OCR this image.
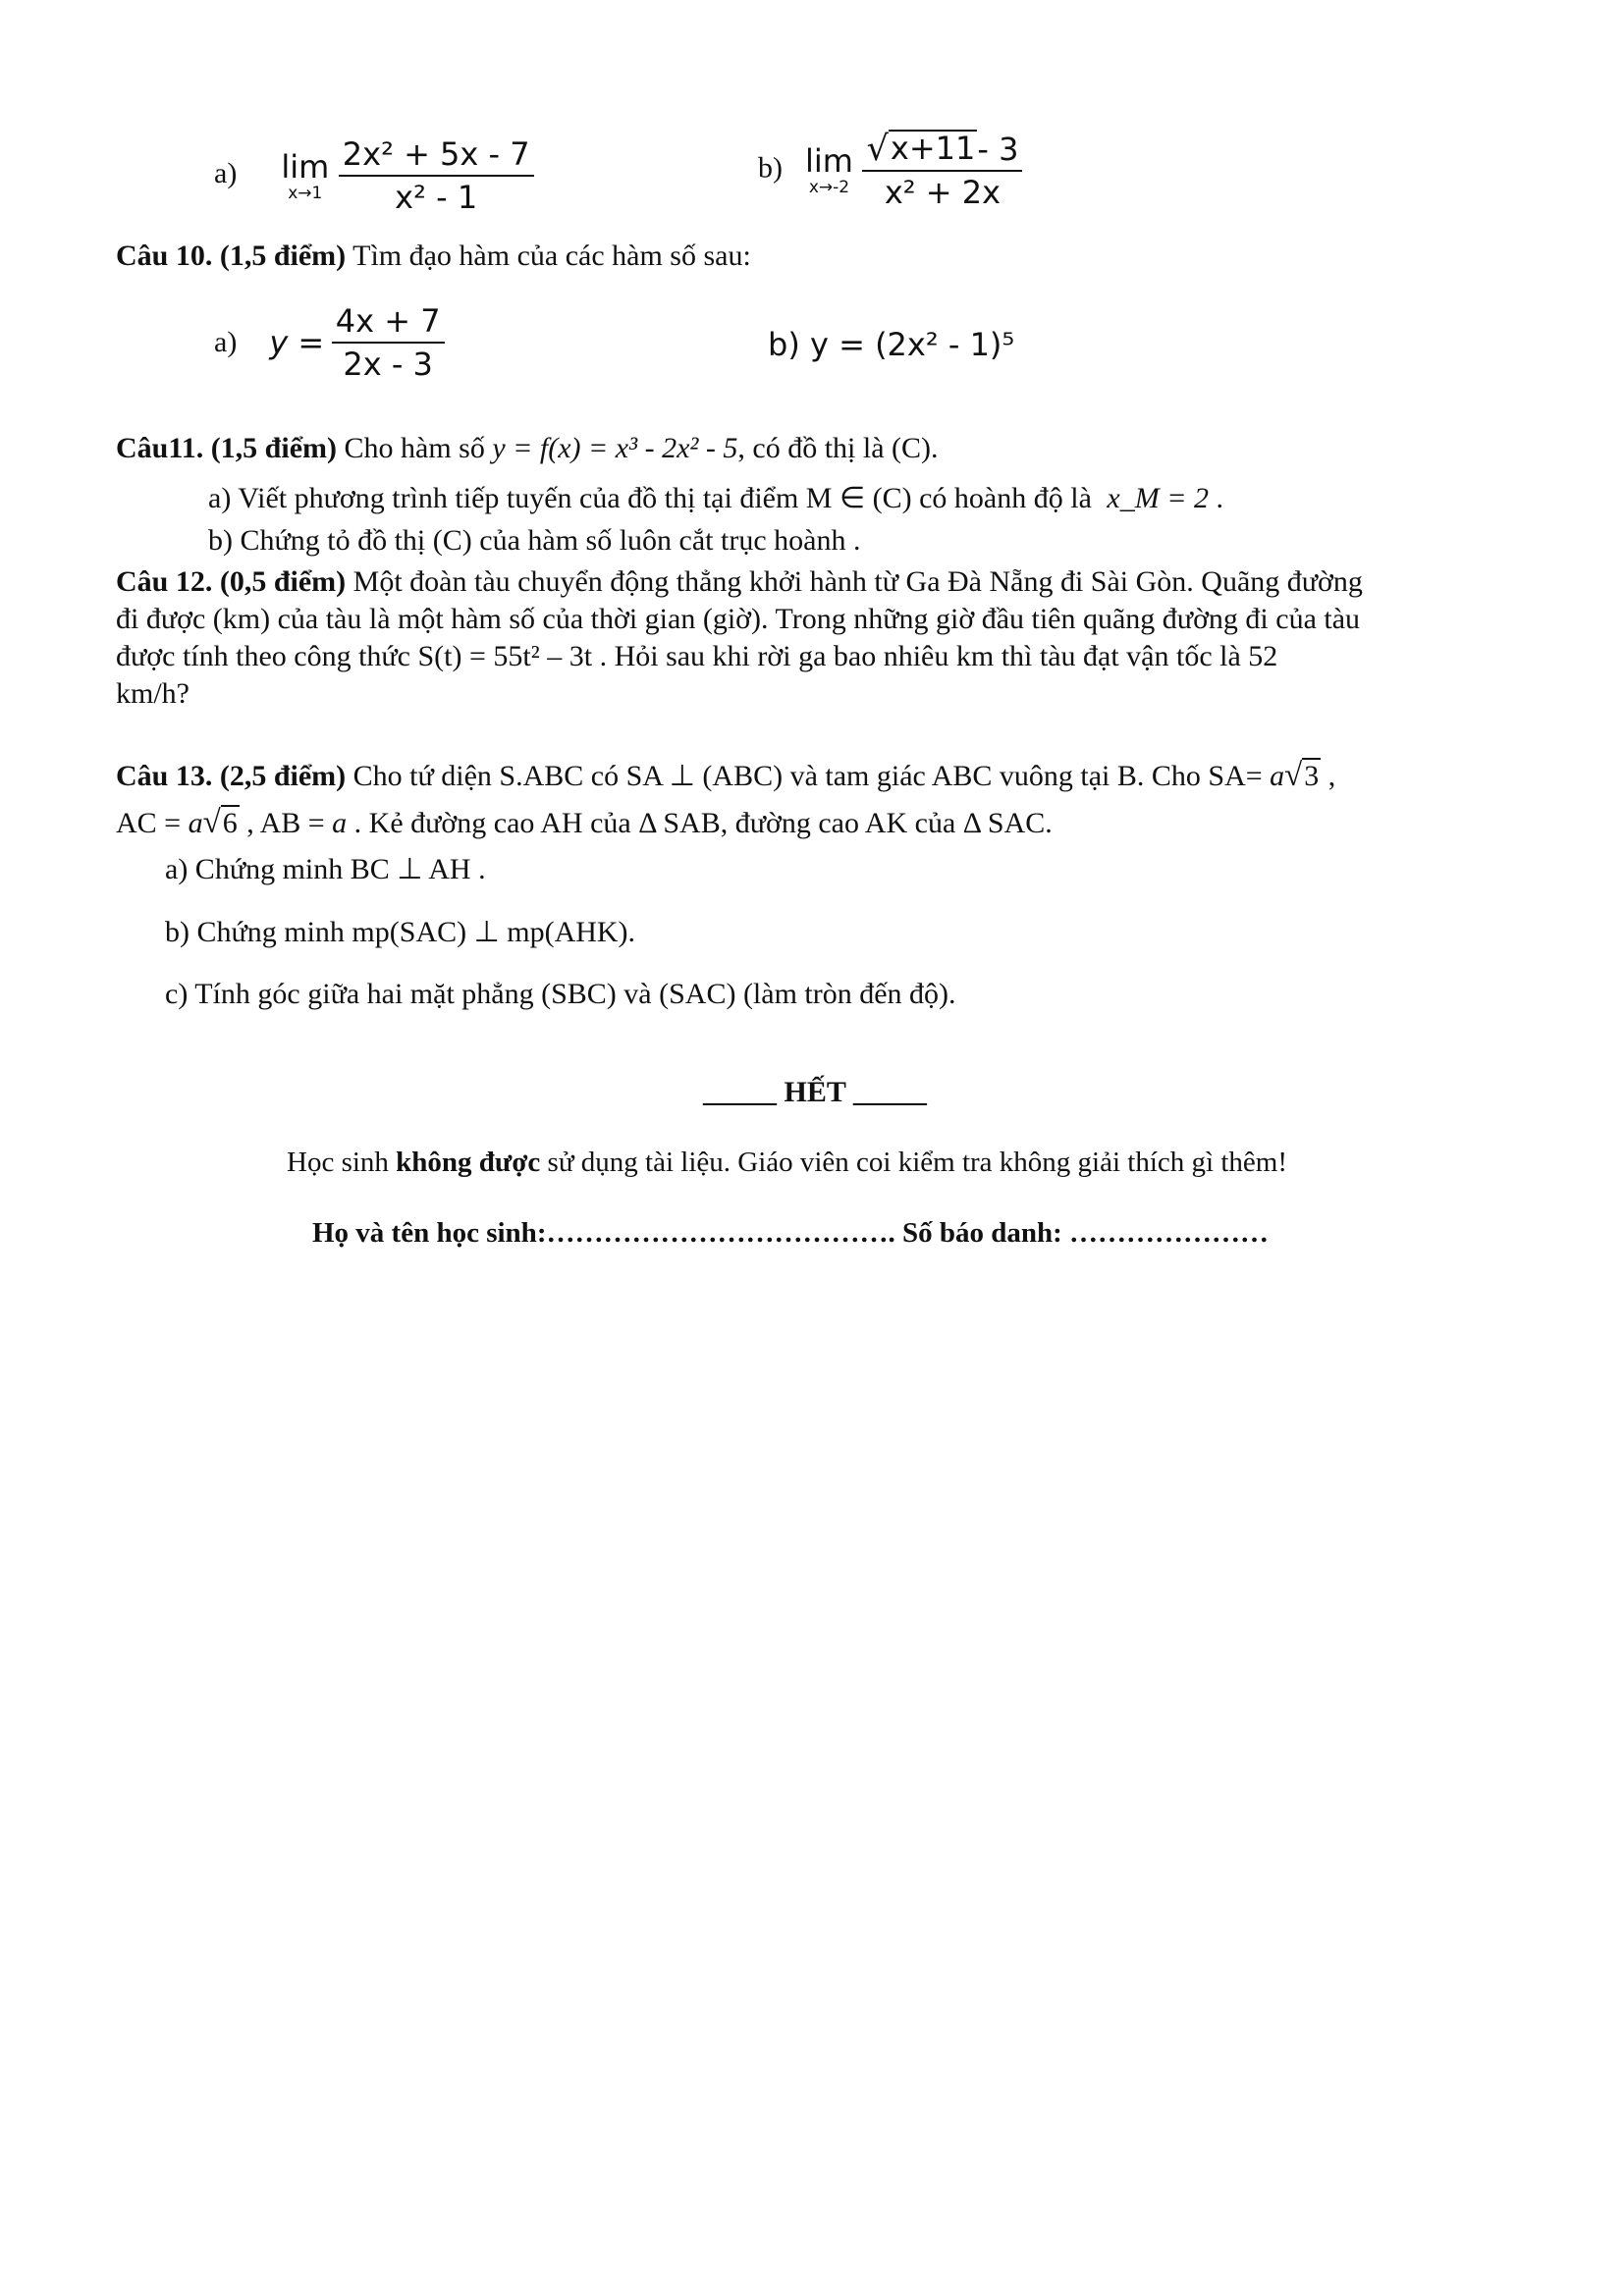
a) lim
x→1
$\frac{\text{2x² + 5x - 7}}{\text{x² - 1}}$	b) lim
x→-2
$\frac{√ x+11 - 3}{\text{x² + 2x}}$
Câu 10. (1,5 điểm) Tìm đạo hàm của các hàm số sau:
a) $y = \frac{4x + 7}{2x - 3}$	b) y = (2x² - 1)⁵
Câu11. (1,5 điểm) Cho hàm số y = f(x) = x³ - 2x² - 5, có đồ thị là (C).
a) Viết phương trình tiếp tuyến của đồ thị tại điểm M ∈ (C) có hoành độ là x_M = 2 .
b) Chứng tỏ đồ thị (C) của hàm số luôn cắt trục hoành .
Câu 12. (0,5 điểm) Một đoàn tàu chuyển động thẳng khởi hành từ Ga Đà Nẵng đi Sài Gòn. Quãng đường
đi được (km) của tàu là một hàm số của thời gian (giờ). Trong những giờ đầu tiên quãng đường đi của tàu
được tính theo công thức S(t) = 55t² – 3t . Hỏi sau khi rời ga bao nhiêu km thì tàu đạt vận tốc là 52
km/h?
Câu 13. (2,5 điểm) Cho tứ diện S.ABC có SA ⊥ (ABC) và tam giác ABC vuông tại B. Cho SA= a √ 3 ,
AC = a √ 6 , AB = a . Kẻ đường cao AH của Δ SAB, đường cao AK của Δ SAC.
a) Chứng minh BC ⊥ AH .
b) Chứng minh mp(SAC) ⊥ mp(AHK).
c) Tính góc giữa hai mặt phẳng (SBC) và (SAC) (làm tròn đến độ).
_____ HẾT _____
Học sinh không được sử dụng tài liệu. Giáo viên coi kiểm tra không giải thích gì thêm!
Họ và tên học sinh:………………………………. Số báo danh: …………………
